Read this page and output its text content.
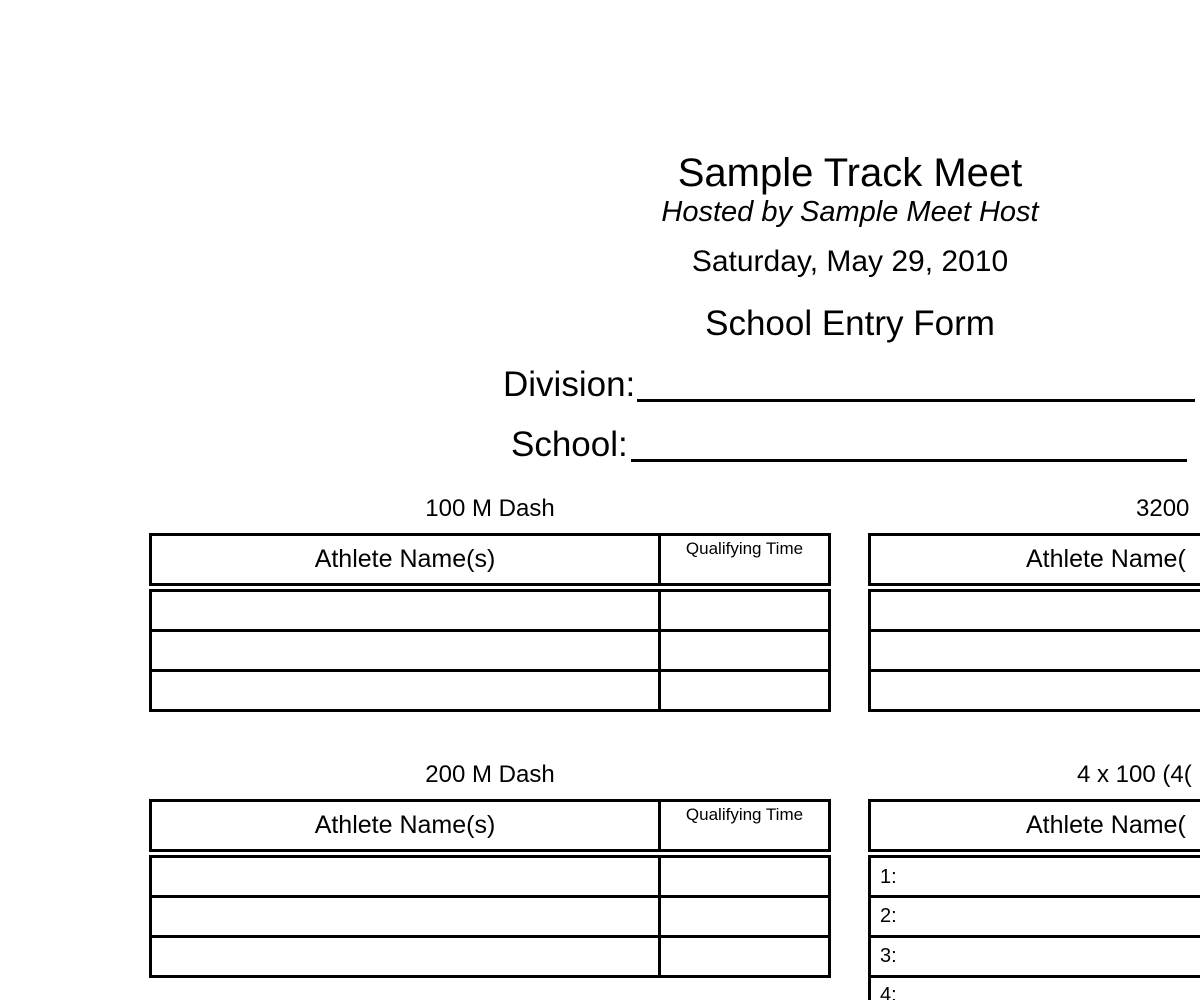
Sample Track Meet
Hosted by Sample Meet Host
Saturday, May 29, 2010
School Entry Form
Division:
School:
100 M Dash
Athlete Name(s)	Qualifying Time
3200
Athlete Name(
200 M Dash
Athlete Name(s)	Qualifying Time
4 x 100 (4(
Athlete Name(
1:
2:
3:
4:
